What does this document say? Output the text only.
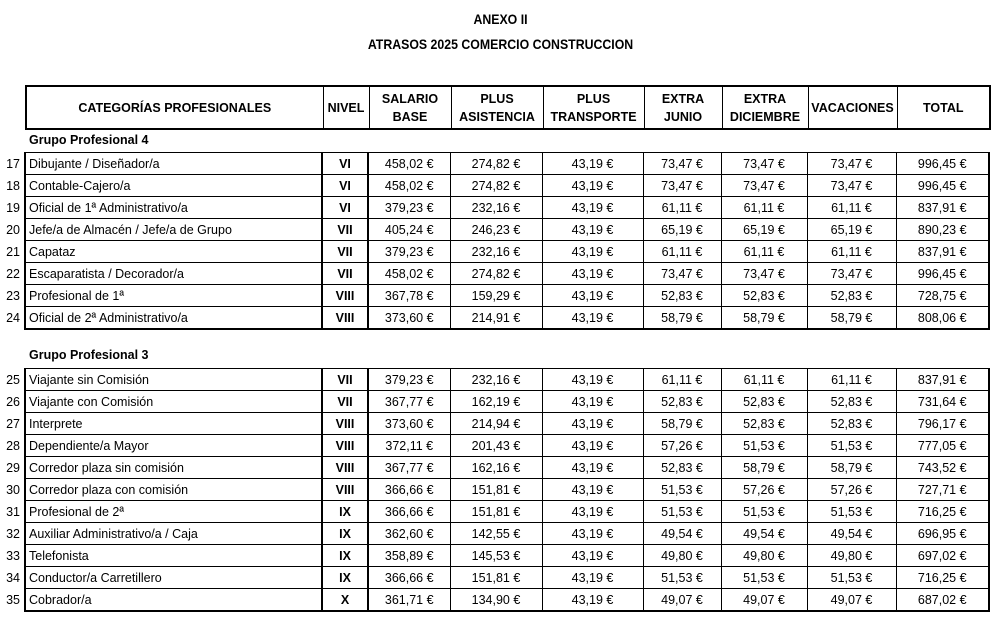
ANEXO II
ATRASOS 2025 COMERCIO CONSTRUCCION
CATEGORÍAS PROFESIONALES	NIVEL	SALARIO BASE	PLUS ASISTENCIA	PLUS TRANSPORTE	EXTRA JUNIO	EXTRA DICIEMBRE	VACACIONES	TOTAL
Grupo Profesional 4
17	Dibujante / Diseñador/a	VI	458,02 €	274,82 €	43,19 €	73,47 €	73,47 €	73,47 €	996,45 €
18	Contable-Cajero/a	VI	458,02 €	274,82 €	43,19 €	73,47 €	73,47 €	73,47 €	996,45 €
19	Oficial de 1ª Administrativo/a	VI	379,23 €	232,16 €	43,19 €	61,11 €	61,11 €	61,11 €	837,91 €
20	Jefe/a de Almacén / Jefe/a de Grupo	VII	405,24 €	246,23 €	43,19 €	65,19 €	65,19 €	65,19 €	890,23 €
21	Capataz	VII	379,23 €	232,16 €	43,19 €	61,11 €	61,11 €	61,11 €	837,91 €
22	Escaparatista / Decorador/a	VII	458,02 €	274,82 €	43,19 €	73,47 €	73,47 €	73,47 €	996,45 €
23	Profesional de 1ª	VIII	367,78 €	159,29 €	43,19 €	52,83 €	52,83 €	52,83 €	728,75 €
24	Oficial de 2ª Administrativo/a	VIII	373,60 €	214,91 €	43,19 €	58,79 €	58,79 €	58,79 €	808,06 €
Grupo Profesional 3
25	Viajante sin Comisión	VII	379,23 €	232,16 €	43,19 €	61,11 €	61,11 €	61,11 €	837,91 €
26	Viajante con Comisión	VII	367,77 €	162,19 €	43,19 €	52,83 €	52,83 €	52,83 €	731,64 €
27	Interprete	VIII	373,60 €	214,94 €	43,19 €	58,79 €	52,83 €	52,83 €	796,17 €
28	Dependiente/a Mayor	VIII	372,11 €	201,43 €	43,19 €	57,26 €	51,53 €	51,53 €	777,05 €
29	Corredor plaza sin comisión	VIII	367,77 €	162,16 €	43,19 €	52,83 €	58,79 €	58,79 €	743,52 €
30	Corredor plaza con comisión	VIII	366,66 €	151,81 €	43,19 €	51,53 €	57,26 €	57,26 €	727,71 €
31	Profesional de 2ª	IX	366,66 €	151,81 €	43,19 €	51,53 €	51,53 €	51,53 €	716,25 €
32	Auxiliar Administrativo/a / Caja	IX	362,60 €	142,55 €	43,19 €	49,54 €	49,54 €	49,54 €	696,95 €
33	Telefonista	IX	358,89 €	145,53 €	43,19 €	49,80 €	49,80 €	49,80 €	697,02 €
34	Conductor/a Carretillero	IX	366,66 €	151,81 €	43,19 €	51,53 €	51,53 €	51,53 €	716,25 €
35	Cobrador/a	X	361,71 €	134,90 €	43,19 €	49,07 €	49,07 €	49,07 €	687,02 €
